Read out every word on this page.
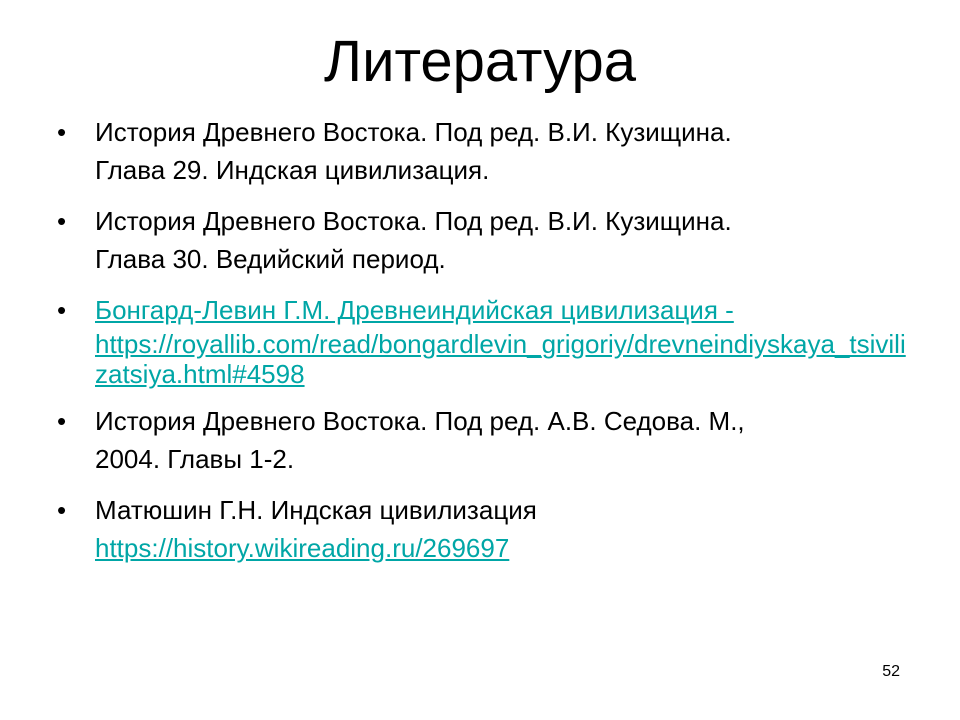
Литература
• История Древнего Востока. Под ред. В.И. Кузищина.
Глава 29. Индская цивилизация.
• История Древнего Востока. Под ред. В.И. Кузищина.
Глава 30. Ведийский период.
• Бонгард-Левин Г.М. Древнеиндийская цивилизация -

https://royallib.com/read/bongardlevin_grigoriy/drevneindiyskaya_tsivilizatsiya.html#4598
• История Древнего Востока. Под ред. А.В. Седова. М.,
2004. Главы 1-2.
• Матюшин Г.Н. Индская цивилизация
https://history.wikireading.ru/269697
52
